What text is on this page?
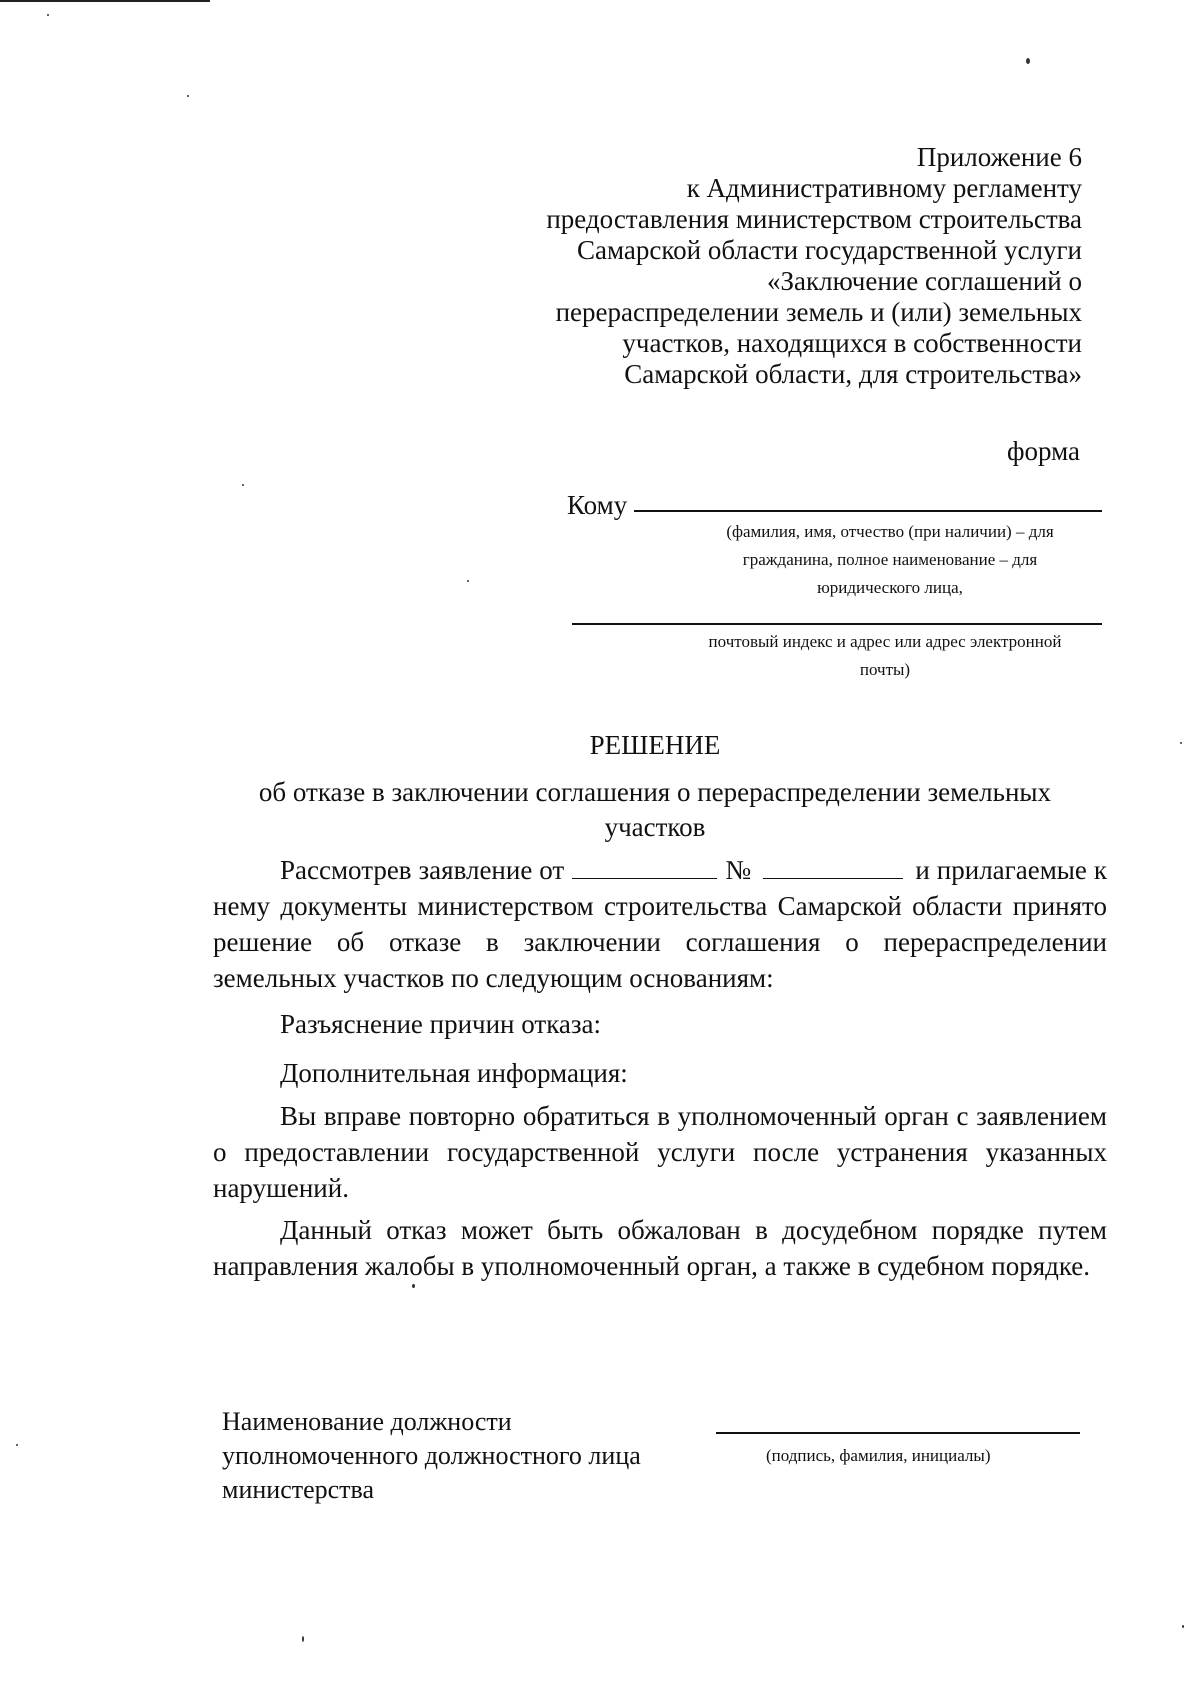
Приложение 6
к Административному регламенту
предоставления министерством строительства
Самарской области государственной услуги
«Заключение соглашений о
перераспределении земель и (или) земельных
участков, находящихся в собственности
Самарской области, для строительства»
форма
Кому
(фамилия, имя, отчество (при наличии) – для
гражданина, полное наименование – для
юридического лица,
почтовый индекс и адрес или адрес электронной
почты)
РЕШЕНИЕ
об отказе в заключении соглашения о перераспределении земельных участков
Рассмотрев заявление от	№	и прилагаемые к нему документы министерством строительства Самарской области принято решение об отказе в заключении соглашения о перераспределении земельных участков по следующим основаниям:
Разъяснение причин отказа:
Дополнительная информация:
Вы вправе повторно обратиться в уполномоченный орган с заявлением о предоставлении государственной услуги после устранения указанных нарушений.
Данный отказ может быть обжалован в досудебном порядке путем направления жалобы в уполномоченный орган, а также в судебном порядке.
Наименование должности
уполномоченного должностного лица
министерства
(подпись, фамилия, инициалы)
